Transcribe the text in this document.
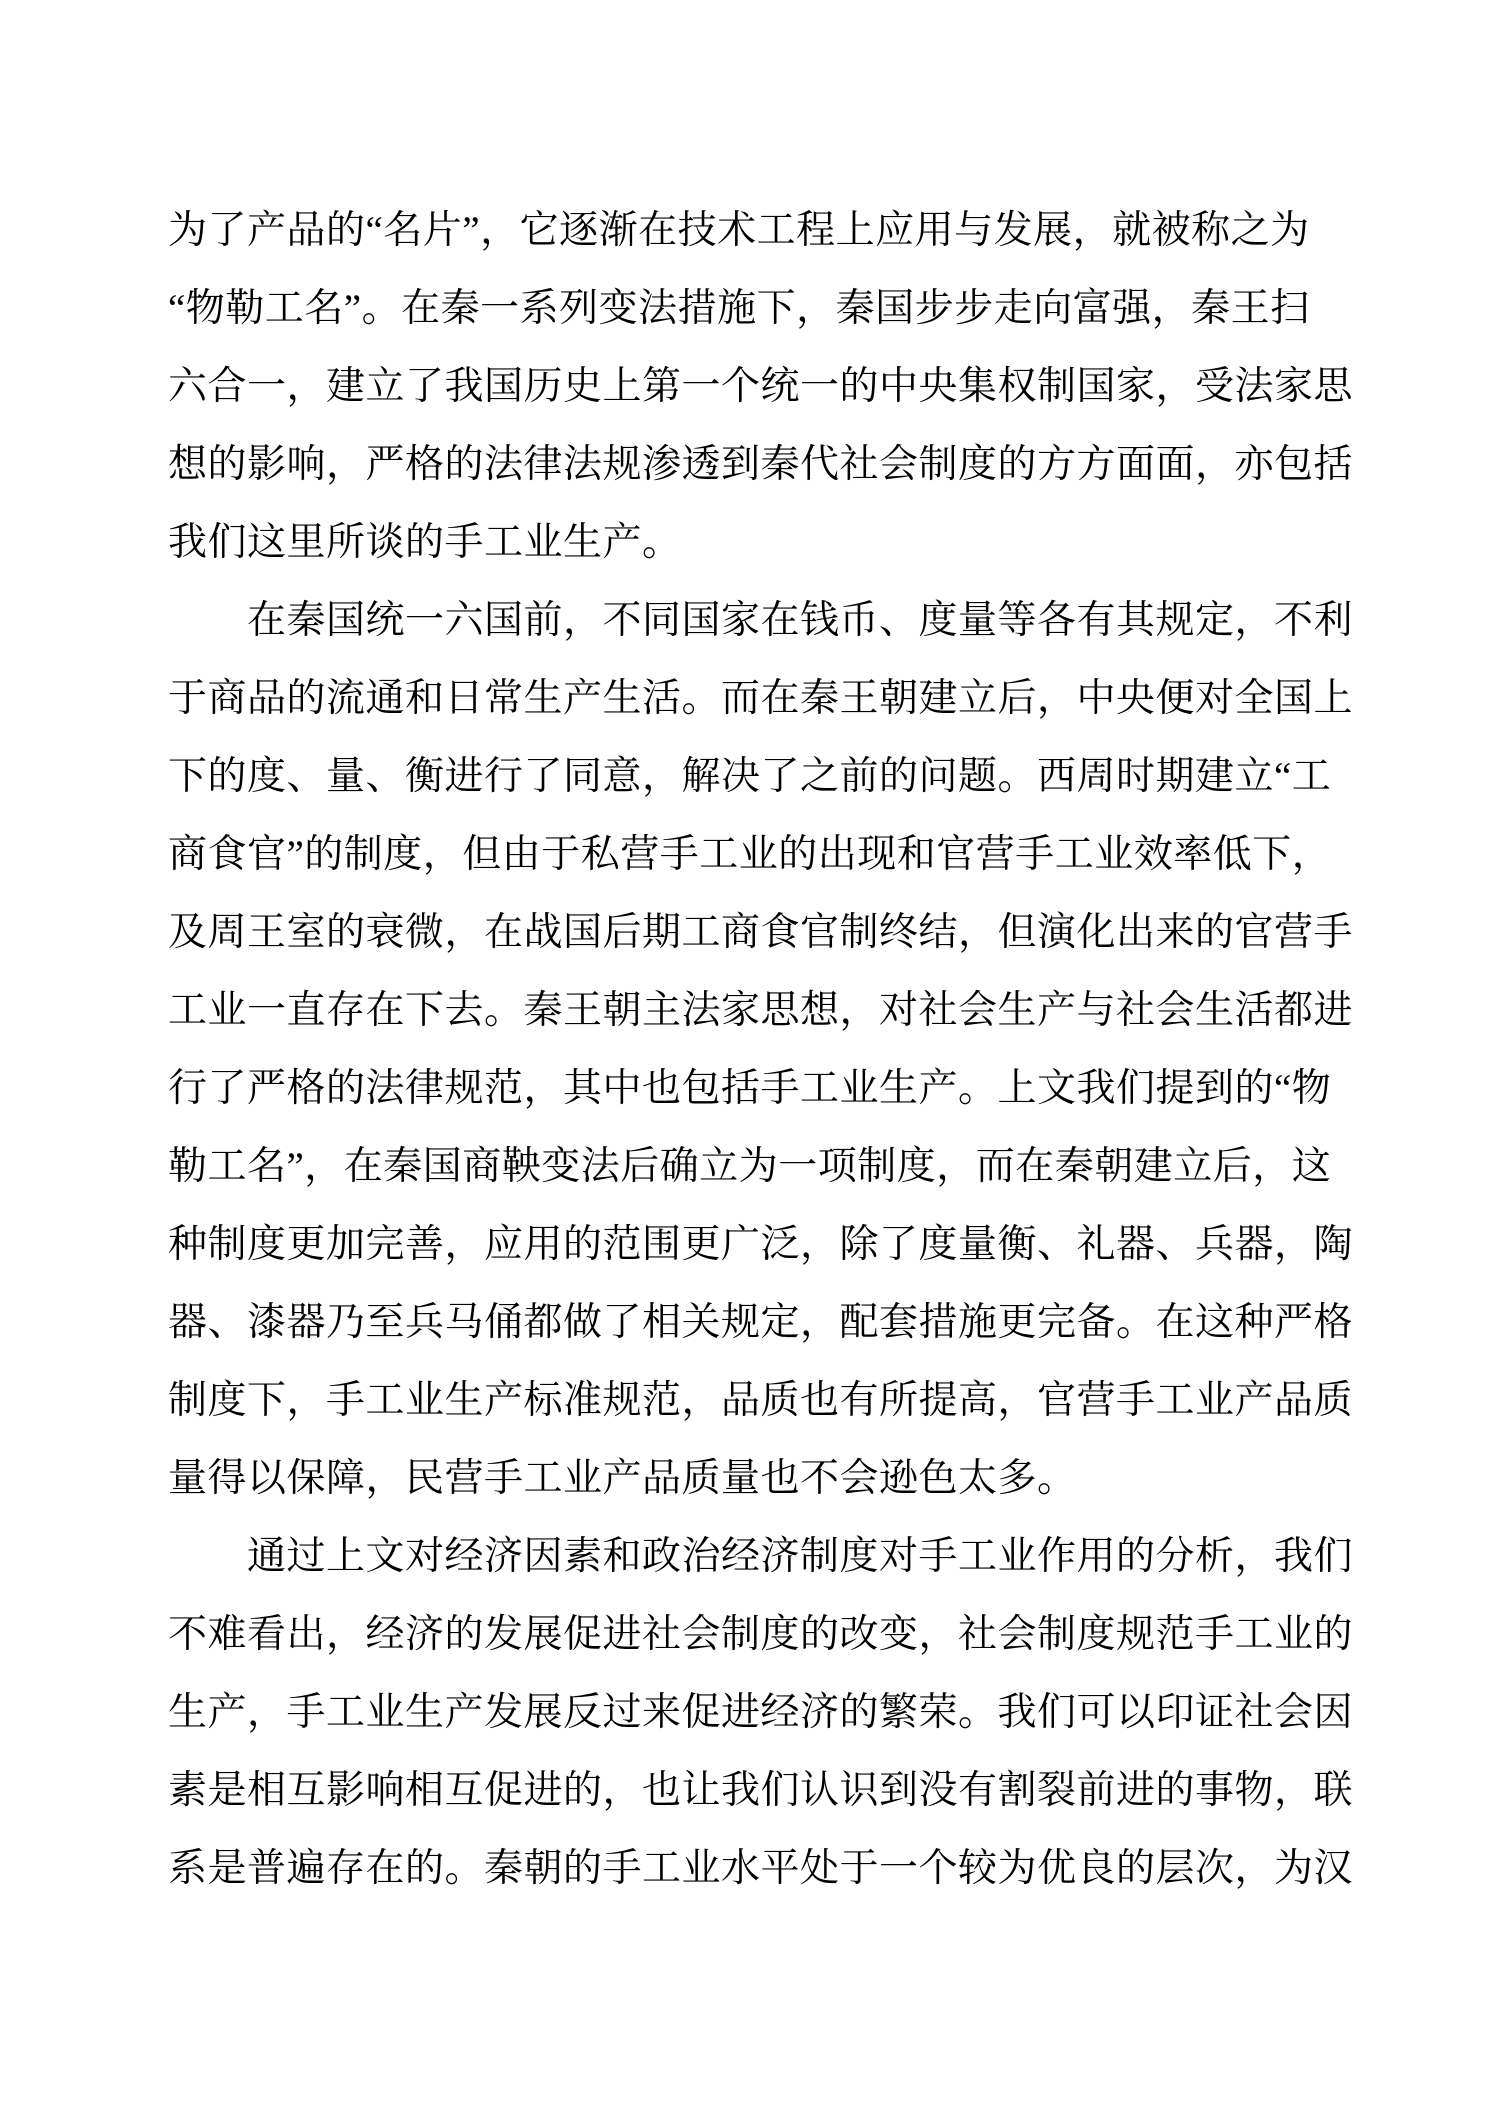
为了产品的“名片”，它逐渐在技术工程上应用与发展，就被称之为
“物勒工名”。在秦一系列变法措施下，秦国步步走向富强，秦王扫
六合一，建立了我国历史上第一个统一的中央集权制国家，受法家思
想的影响，严格的法律法规渗透到秦代社会制度的方方面面，亦包括
我们这里所谈的手工业生产。
　　在秦国统一六国前，不同国家在钱币、度量等各有其规定，不利
于商品的流通和日常生产生活。而在秦王朝建立后，中央便对全国上
下的度、量、衡进行了同意，解决了之前的问题。西周时期建立“工
商食官”的制度，但由于私营手工业的出现和官营手工业效率低下，
及周王室的衰微，在战国后期工商食官制终结，但演化出来的官营手
工业一直存在下去。秦王朝主法家思想，对社会生产与社会生活都进
行了严格的法律规范，其中也包括手工业生产。上文我们提到的“物
勒工名”，在秦国商鞅变法后确立为一项制度，而在秦朝建立后，这
种制度更加完善，应用的范围更广泛，除了度量衡、礼器、兵器，陶
器、漆器乃至兵马俑都做了相关规定，配套措施更完备。在这种严格
制度下，手工业生产标准规范，品质也有所提高，官营手工业产品质
量得以保障，民营手工业产品质量也不会逊色太多。
　　通过上文对经济因素和政治经济制度对手工业作用的分析，我们
不难看出，经济的发展促进社会制度的改变，社会制度规范手工业的
生产，手工业生产发展反过来促进经济的繁荣。我们可以印证社会因
素是相互影响相互促进的，也让我们认识到没有割裂前进的事物，联
系是普遍存在的。秦朝的手工业水平处于一个较为优良的层次，为汉
